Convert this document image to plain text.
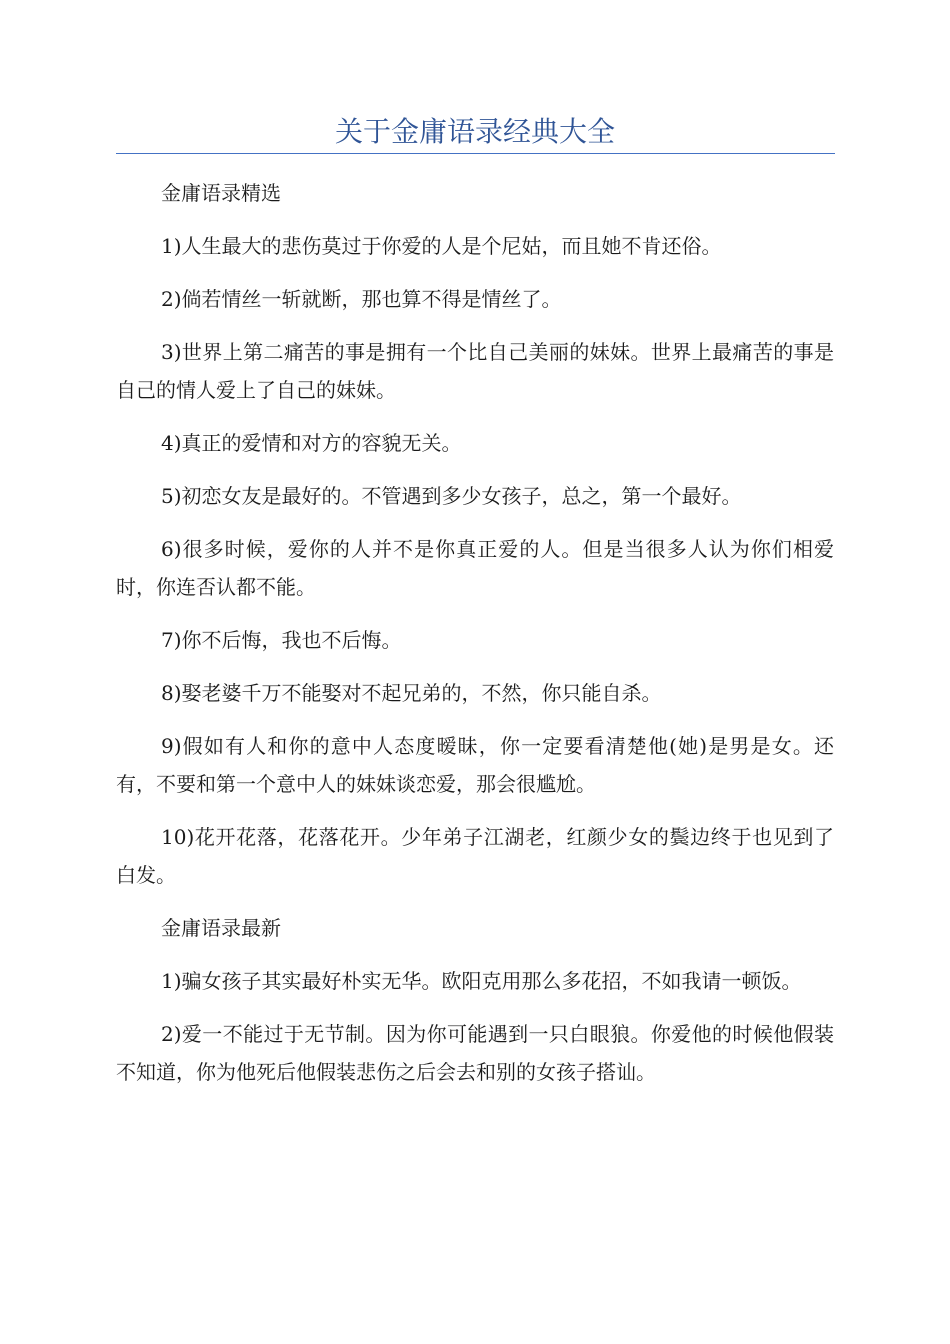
关于金庸语录经典大全

金庸语录精选

1)人生最大的悲伤莫过于你爱的人是个尼姑，而且她不肯还俗。

2)倘若情丝一斩就断，那也算不得是情丝了。

3)世界上第二痛苦的事是拥有一个比自己美丽的妹妹。世界上最痛苦的事是自己的情人爱上了自己的妹妹。

4)真正的爱情和对方的容貌无关。

5)初恋女友是最好的。不管遇到多少女孩子，总之，第一个最好。

6)很多时候，爱你的人并不是你真正爱的人。但是当很多人认为你们相爱时，你连否认都不能。

7)你不后悔，我也不后悔。

8)娶老婆千万不能娶对不起兄弟的，不然，你只能自杀。

9)假如有人和你的意中人态度暧昧，你一定要看清楚他(她)是男是女。还有，不要和第一个意中人的妹妹谈恋爱，那会很尴尬。

10)花开花落，花落花开。少年弟子江湖老，红颜少女的鬓边终于也见到了白发。

金庸语录最新

1)骗女孩子其实最好朴实无华。欧阳克用那么多花招，不如我请一顿饭。

2)爱一不能过于无节制。因为你可能遇到一只白眼狼。你爱他的时候他假装不知道，你为他死后他假装悲伤之后会去和别的女孩子搭讪。
